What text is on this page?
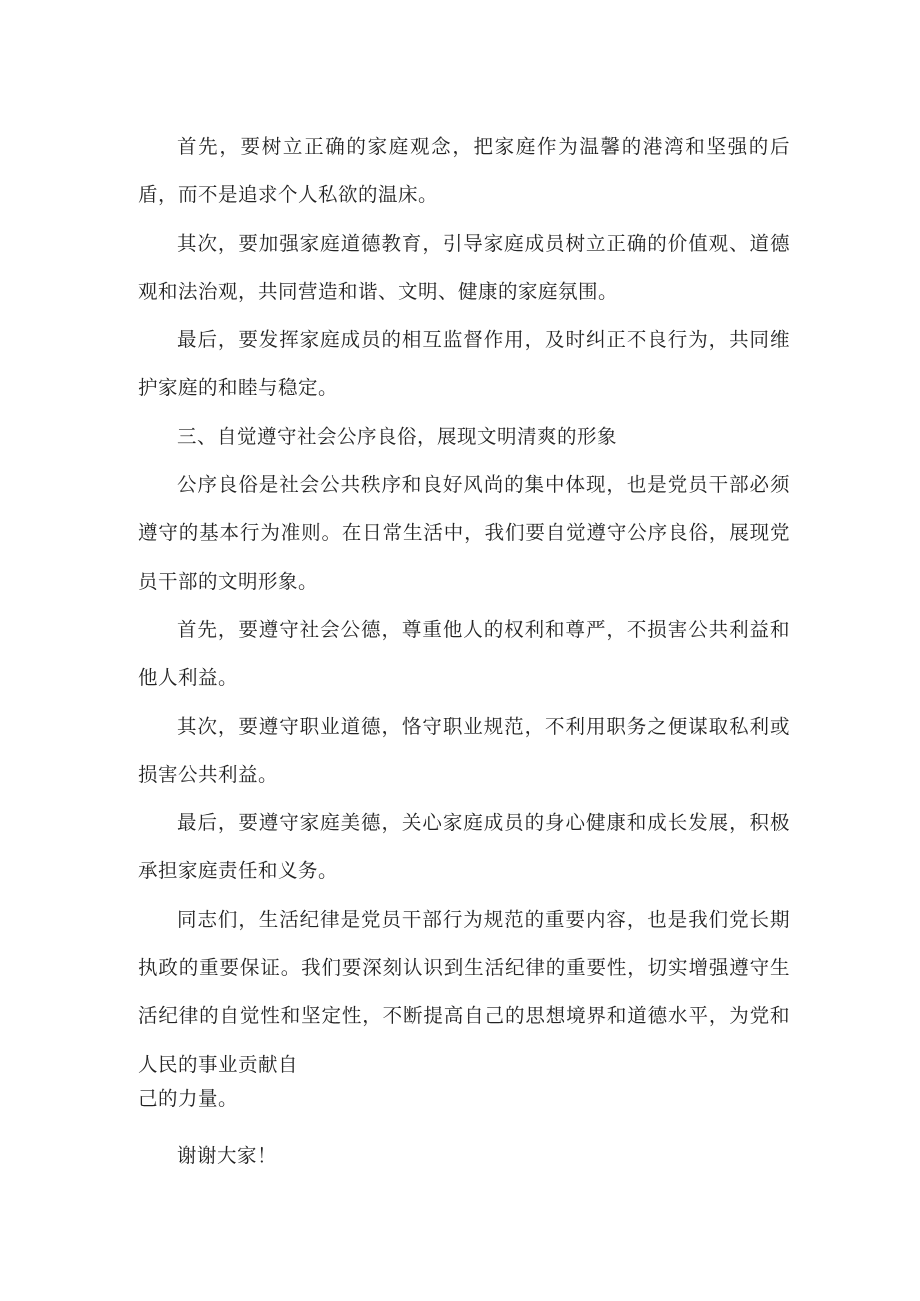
首先，要树立正确的家庭观念，把家庭作为温馨的港湾和坚强的后盾，而不是追求个人私欲的温床。

其次，要加强家庭道德教育，引导家庭成员树立正确的价值观、道德观和法治观，共同营造和谐、文明、健康的家庭氛围。

最后，要发挥家庭成员的相互监督作用，及时纠正不良行为，共同维护家庭的和睦与稳定。

三、自觉遵守社会公序良俗，展现文明清爽的形象

公序良俗是社会公共秩序和良好风尚的集中体现，也是党员干部必须遵守的基本行为准则。在日常生活中，我们要自觉遵守公序良俗，展现党员干部的文明形象。

首先，要遵守社会公德，尊重他人的权利和尊严，不损害公共利益和他人利益。

其次，要遵守职业道德，恪守职业规范，不利用职务之便谋取私利或损害公共利益。

最后，要遵守家庭美德，关心家庭成员的身心健康和成长发展，积极承担家庭责任和义务。

同志们，生活纪律是党员干部行为规范的重要内容，也是我们党长期执政的重要保证。我们要深刻认识到生活纪律的重要性，切实增强遵守生活纪律的自觉性和坚定性，不断提高自己的思想境界和道德水平，为党和人民的事业贡献自

己的力量。

谢谢大家！
